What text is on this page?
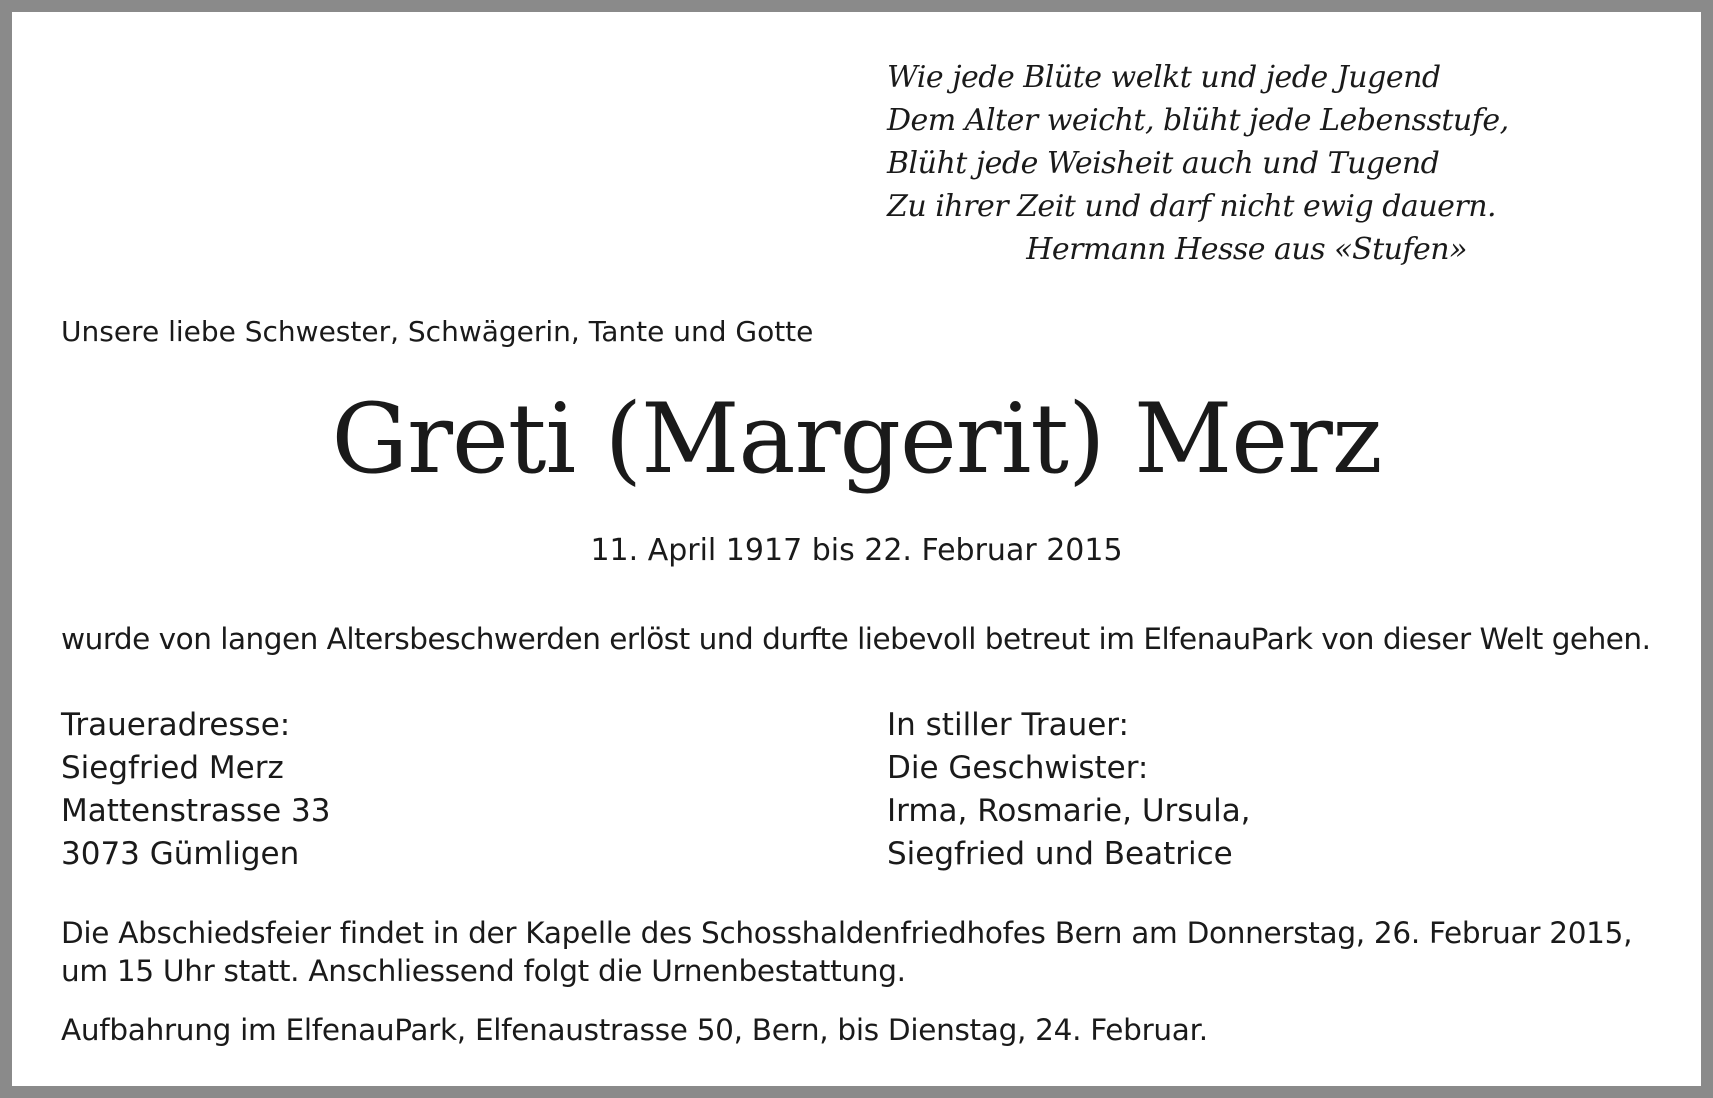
Wie jede Blüte welkt und jede Jugend
Dem Alter weicht, blüht jede Lebensstufe,
Blüht jede Weisheit auch und Tugend
Zu ihrer Zeit und darf nicht ewig dauern.
Hermann Hesse aus «Stufen»
Unsere liebe Schwester, Schwägerin, Tante und Gotte
Greti (Margerit) Merz
11. April 1917 bis 22. Februar 2015
wurde von langen Altersbeschwerden erlöst und durfte liebevoll betreut im ElfenauPark von dieser Welt gehen.
Traueradresse:
Siegfried Merz
Mattenstrasse 33
3073 Gümligen
In stiller Trauer:
Die Geschwister:
Irma, Rosmarie, Ursula,
Siegfried und Beatrice
Die Abschiedsfeier findet in der Kapelle des Schosshaldenfriedhofes Bern am Donnerstag, 26. Februar 2015,
um 15 Uhr statt. Anschliessend folgt die Urnenbestattung.
Aufbahrung im ElfenauPark, Elfenaustrasse 50, Bern, bis Dienstag, 24. Februar.
